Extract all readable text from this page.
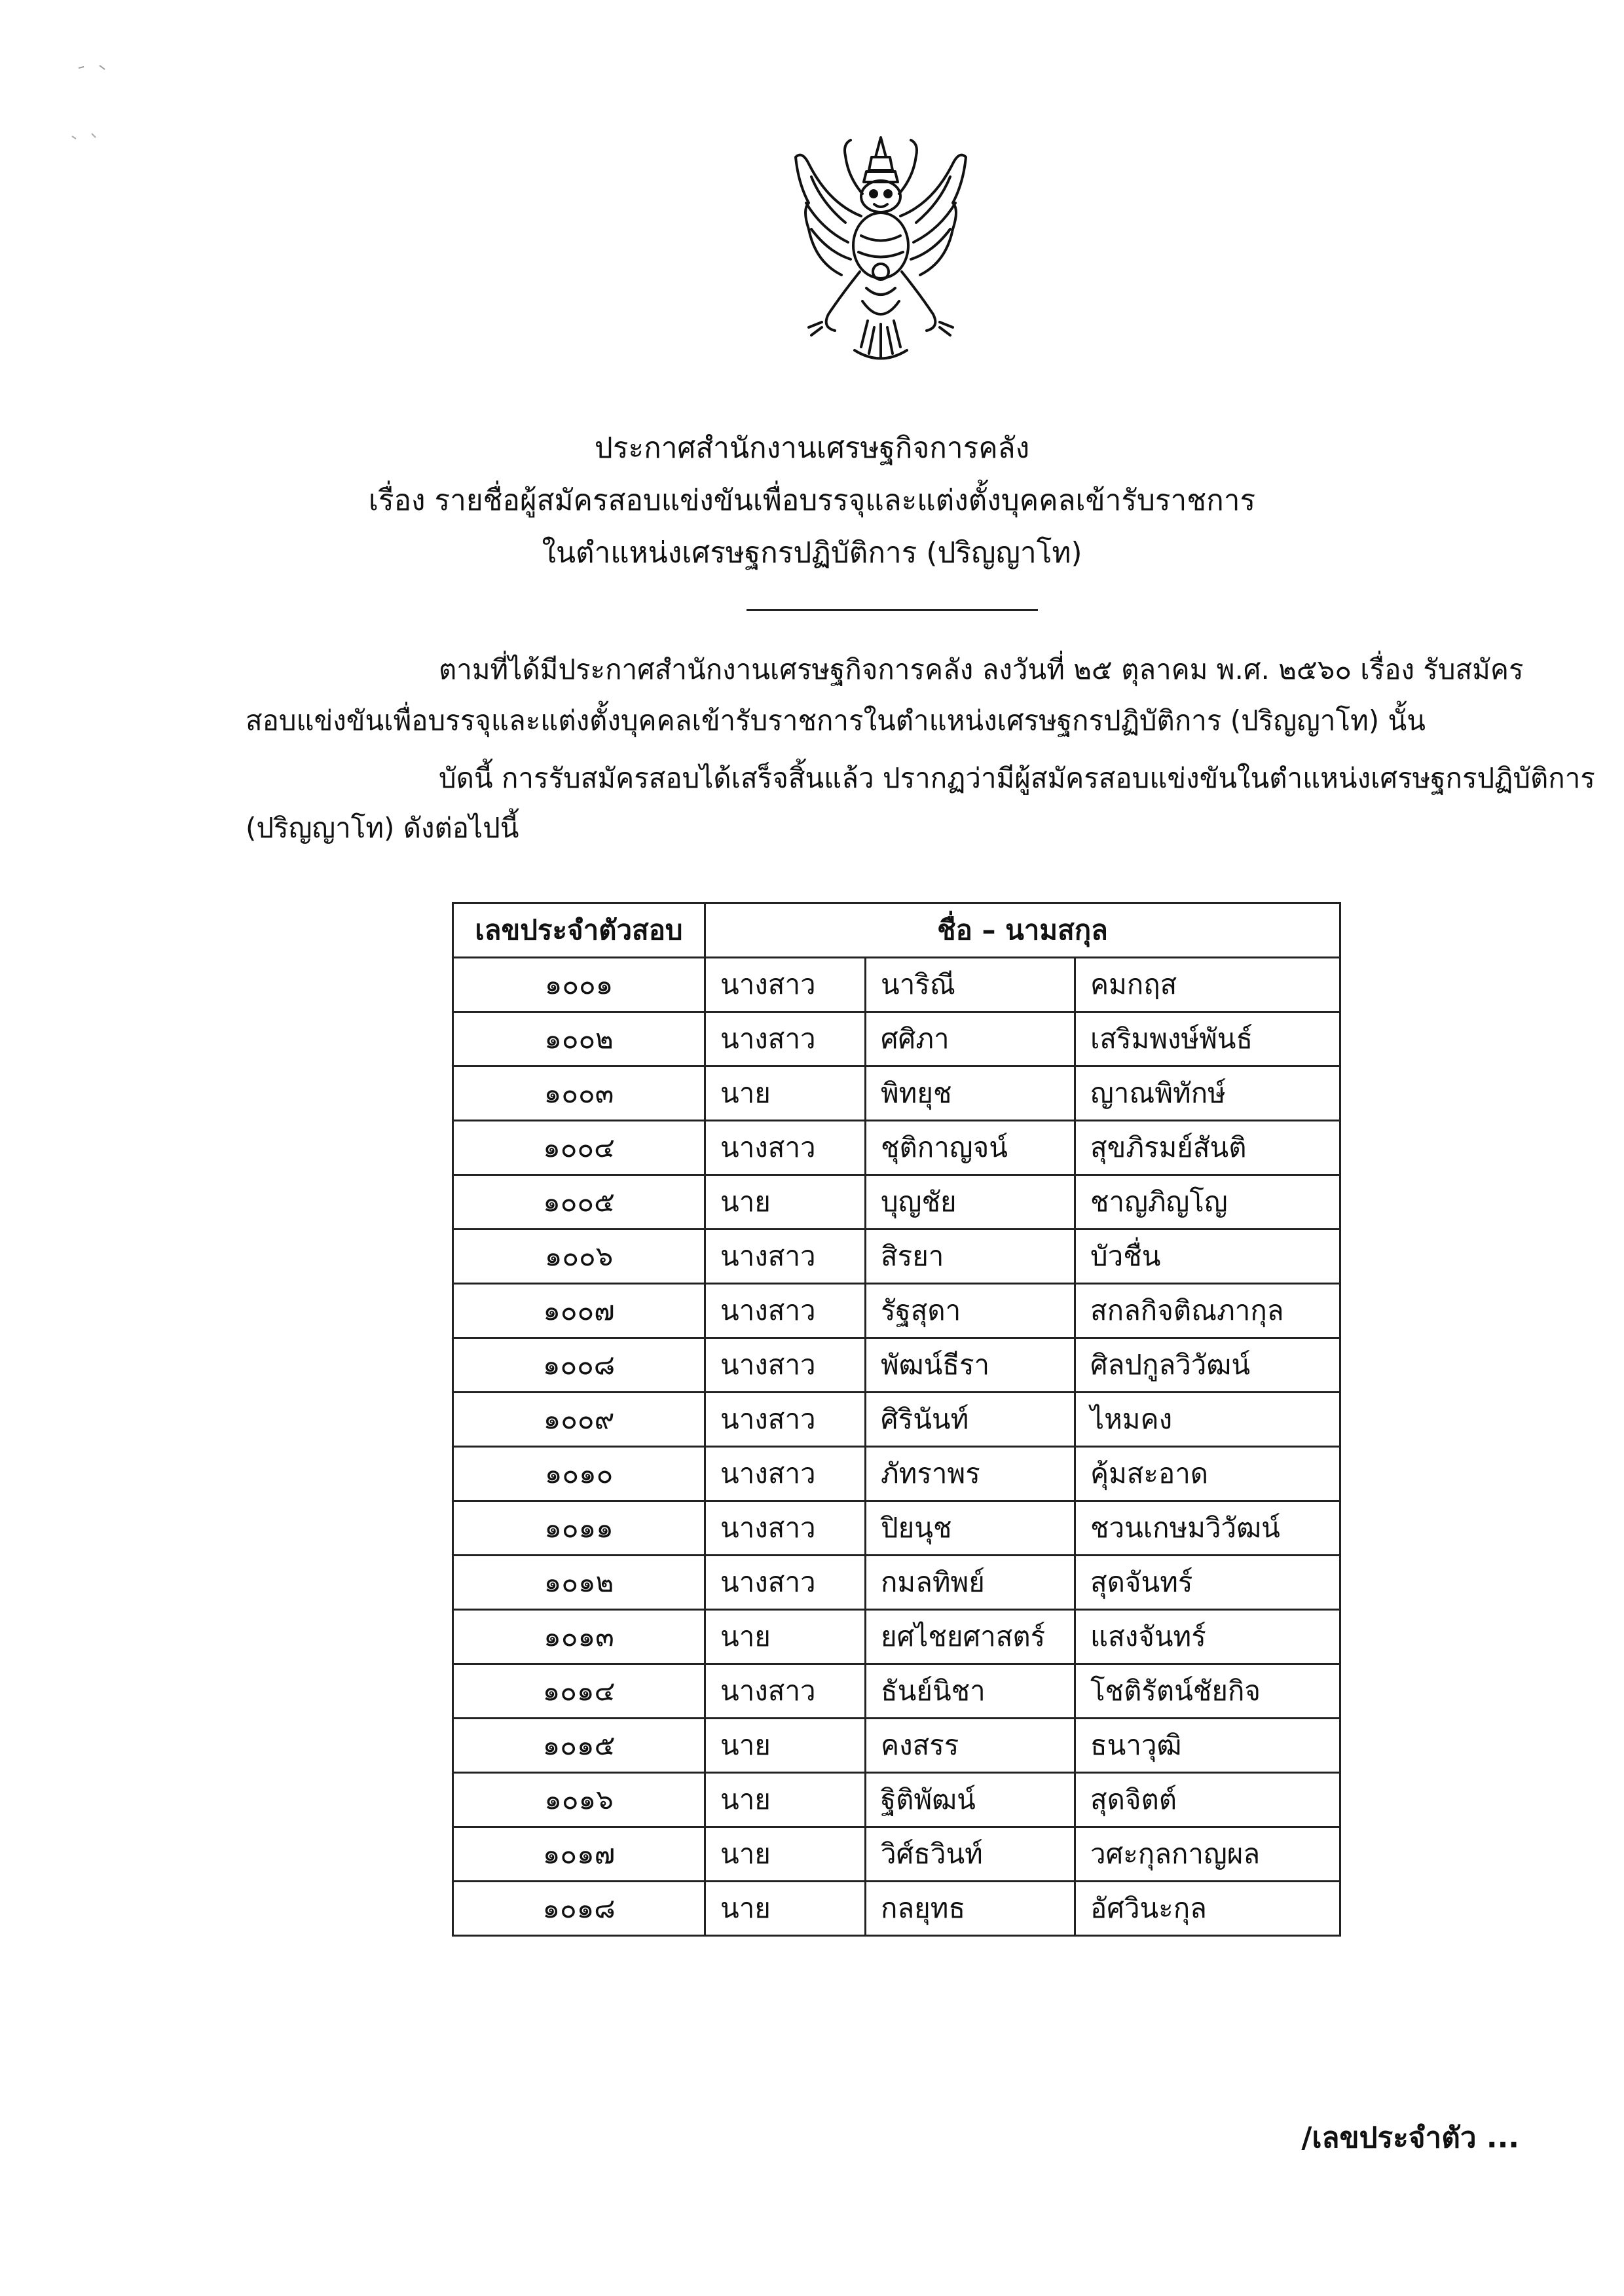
ประกาศสำนักงานเศรษฐกิจการคลัง
เรื่อง รายชื่อผู้สมัครสอบแข่งขันเพื่อบรรจุและแต่งตั้งบุคคลเข้ารับราชการ
ในตำแหน่งเศรษฐกรปฏิบัติการ (ปริญญาโท)
ตามที่ได้มีประกาศสำนักงานเศรษฐกิจการคลัง ลงวันที่ ๒๕ ตุลาคม พ.ศ. ๒๕๖๐ เรื่อง รับสมัคร
สอบแข่งขันเพื่อบรรจุและแต่งตั้งบุคคลเข้ารับราชการในตำแหน่งเศรษฐกรปฏิบัติการ (ปริญญาโท) นั้น
บัดนี้ การรับสมัครสอบได้เสร็จสิ้นแล้ว ปรากฏว่ามีผู้สมัครสอบแข่งขันในตำแหน่งเศรษฐกรปฏิบัติการ
(ปริญญาโท) ดังต่อไปนี้
เลขประจำตัวสอบ	ชื่อ – นามสกุล		
๑๐๐๑	นางสาว	นาริณี	คมกฤส
๑๐๐๒	นางสาว	ศศิภา	เสริมพงษ์พันธ์
๑๐๐๓	นาย	พิทยุช	ญาณพิทักษ์
๑๐๐๔	นางสาว	ชุติกาญจน์	สุขภิรมย์สันติ
๑๐๐๕	นาย	บุญชัย	ชาญภิญโญ
๑๐๐๖	นางสาว	สิรยา	บัวชื่น
๑๐๐๗	นางสาว	รัฐสุดา	สกลกิจติณภากุล
๑๐๐๘	นางสาว	พัฒน์ธีรา	ศิลปกูลวิวัฒน์
๑๐๐๙	นางสาว	ศิรินันท์	ไหมคง
๑๐๑๐	นางสาว	ภัทราพร	คุ้มสะอาด
๑๐๑๑	นางสาว	ปิยนุช	ชวนเกษมวิวัฒน์
๑๐๑๒	นางสาว	กมลทิพย์	สุดจันทร์
๑๐๑๓	นาย	ยศไชยศาสตร์	แสงจันทร์
๑๐๑๔	นางสาว	ธันย์นิชา	โชติรัตน์ชัยกิจ
๑๐๑๕	นาย	คงสรร	ธนาวุฒิ
๑๐๑๖	นาย	ฐิติพัฒน์	สุดจิตต์
๑๐๑๗	นาย	วิศ์ธวินท์	วศะกุลกาญผล
๑๐๑๘	นาย	กลยุทธ	อัศวินะกุล
/เลขประจำตัว ...
